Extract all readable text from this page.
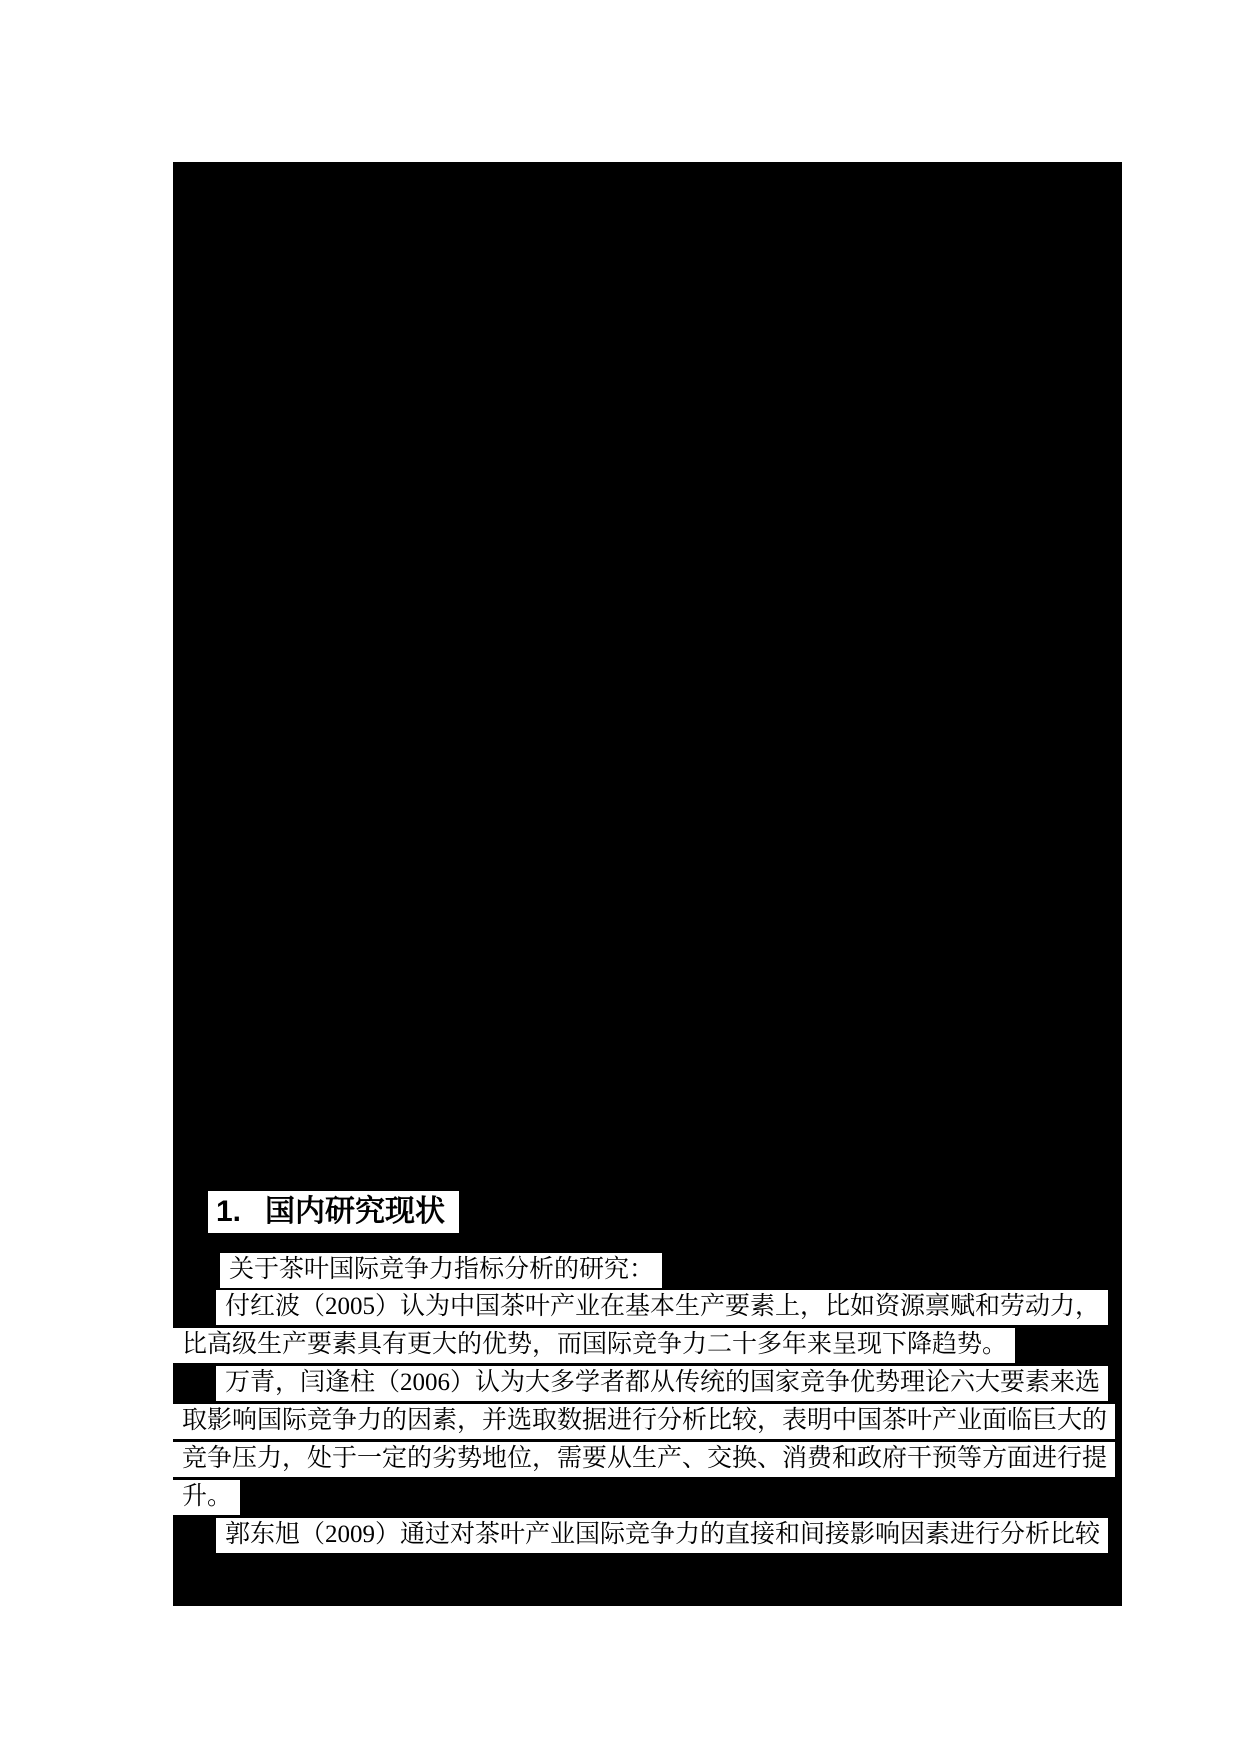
1. 国内研究现状
关于茶叶国际竞争力指标分析的研究：
付红波（2005）认为中国茶叶产业在基本生产要素上，比如资源禀赋和劳动力，
比高级生产要素具有更大的优势，而国际竞争力二十多年来呈现下降趋势。
万青，闫逢柱（2006）认为大多学者都从传统的国家竞争优势理论六大要素来选
取影响国际竞争力的因素，并选取数据进行分析比较，表明中国茶叶产业面临巨大的
竞争压力，处于一定的劣势地位，需要从生产、交换、消费和政府干预等方面进行提
升。
郭东旭（2009）通过对茶叶产业国际竞争力的直接和间接影响因素进行分析比较
